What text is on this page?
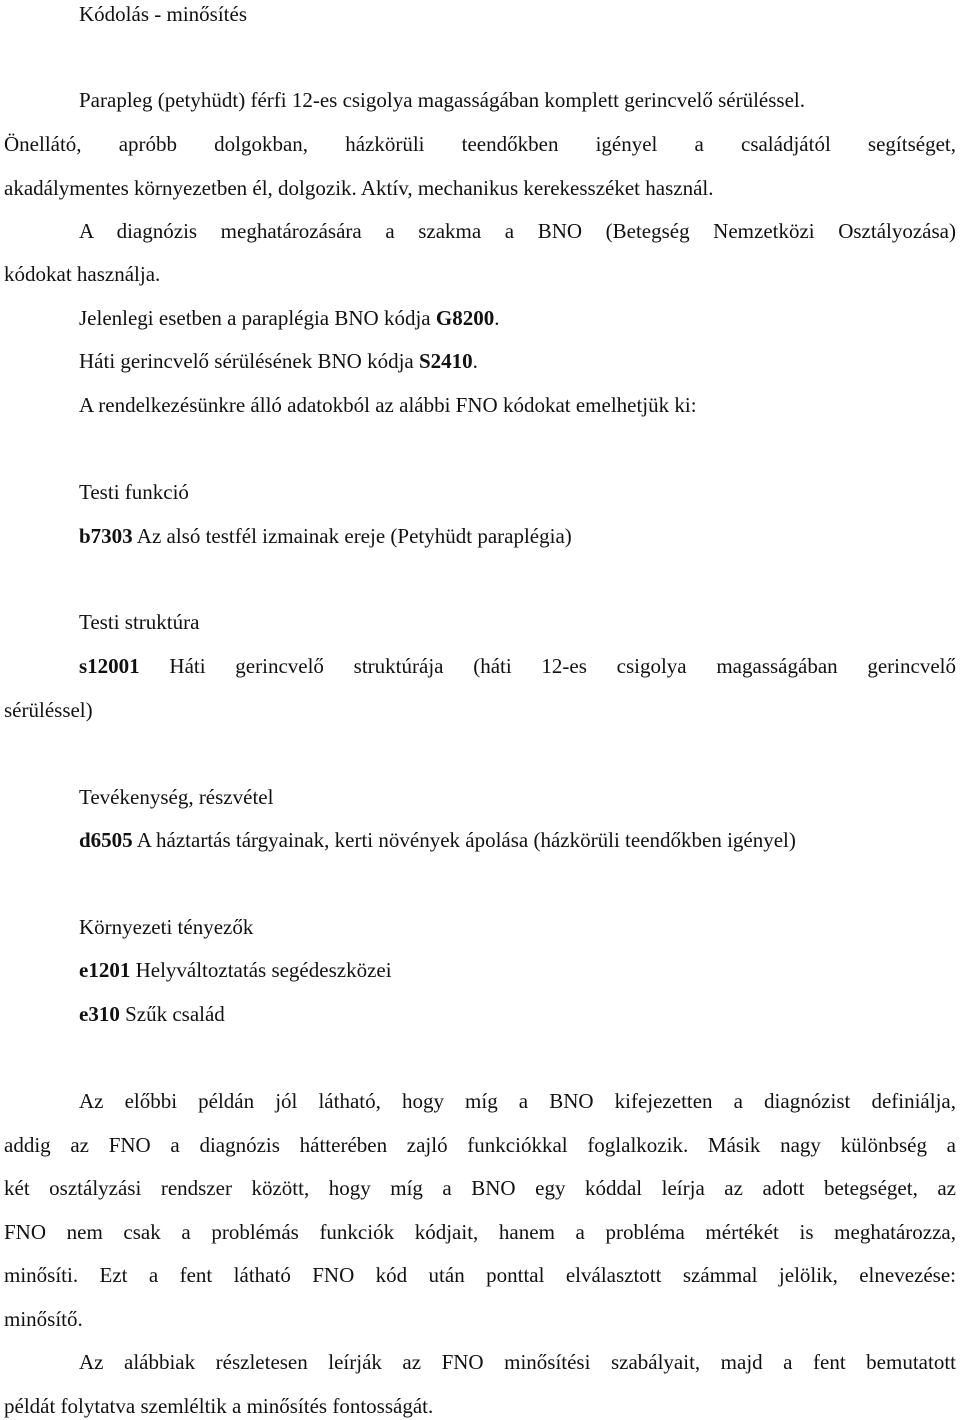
Kódolás - minősítés
Parapleg (petyhüdt) férfi 12-es csigolya magasságában komplett gerincvelő sérüléssel.
Önellátó, apróbb dolgokban, házkörüli teendőkben igényel a családjától segítséget,
akadálymentes környezetben él, dolgozik. Aktív, mechanikus kerekesszéket használ.
A diagnózis meghatározására a szakma a BNO (Betegség Nemzetközi Osztályozása)
kódokat használja.
Jelenlegi esetben a paraplégia BNO kódja G8200.
Háti gerincvelő sérülésének BNO kódja S2410.
A rendelkezésünkre álló adatokból az alábbi FNO kódokat emelhetjük ki:
Testi funkció
b7303 Az alsó testfél izmainak ereje (Petyhüdt paraplégia)
Testi struktúra
s12001 Háti gerincvelő struktúrája (háti 12-es csigolya magasságában gerincvelő
sérüléssel)
Tevékenység, részvétel
d6505 A háztartás tárgyainak, kerti növények ápolása (házkörüli teendőkben igényel)
Környezeti tényezők
e1201 Helyváltoztatás segédeszközei
e310 Szűk család
Az előbbi példán jól látható, hogy míg a BNO kifejezetten a diagnózist definiálja,
addig az FNO a diagnózis hátterében zajló funkciókkal foglalkozik. Másik nagy különbség a
két osztályzási rendszer között, hogy míg a BNO egy kóddal leírja az adott betegséget, az
FNO nem csak a problémás funkciók kódjait, hanem a probléma mértékét is meghatározza,
minősíti. Ezt a fent látható FNO kód után ponttal elválasztott számmal jelölik, elnevezése:
minősítő.
Az alábbiak részletesen leírják az FNO minősítési szabályait, majd a fent bemutatott
példát folytatva szemléltik a minősítés fontosságát.
